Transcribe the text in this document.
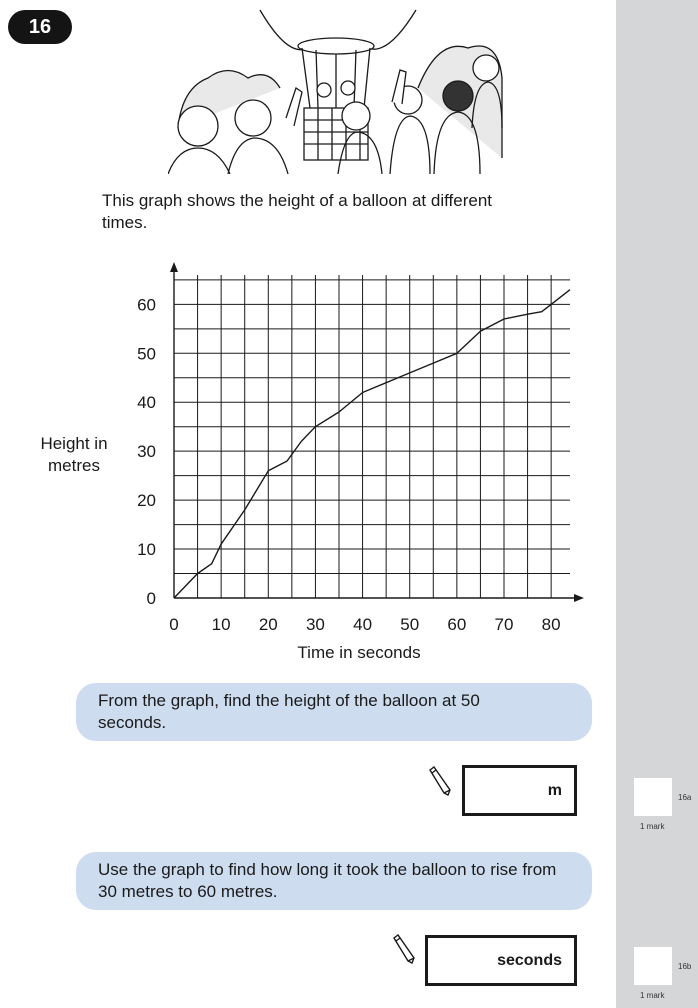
16

This graph shows the height of a balloon at different times.

0 10 20 30 40 50 60 70 80
0
10
20
30
40
50
60
Time in seconds
Height in
metres
From the graph, find the height of the balloon at 50 seconds.
m	16a
1 mark
Use the graph to find how long it took the balloon to rise from 30 metres to 60 metres.
seconds	16b
1 mark
